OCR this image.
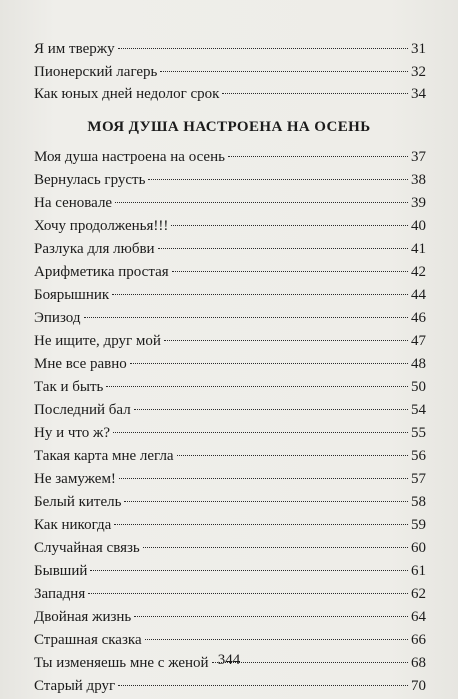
Я им твержу	31
Пионерский лагерь	32
Как юных дней недолог срок	34
МОЯ ДУША НАСТРОЕНА НА ОСЕНЬ
Моя душа настроена на осень	37
Вернулась грусть	38
На сеновале	39
Хочу продолженья!!!	40
Разлука для любви	41
Арифметика простая	42
Боярышник	44
Эпизод	46
Не ищите, друг мой	47
Мне все равно	48
Так и быть	50
Последний бал	54
Ну и что ж?	55
Такая карта мне легла	56
Не замужем!	57
Белый китель	58
Как никогда	59
Случайная связь	60
Бывший	61
Западня	62
Двойная жизнь	64
Страшная сказка	66
Ты изменяешь мне с женой	68
Старый друг	70
344
